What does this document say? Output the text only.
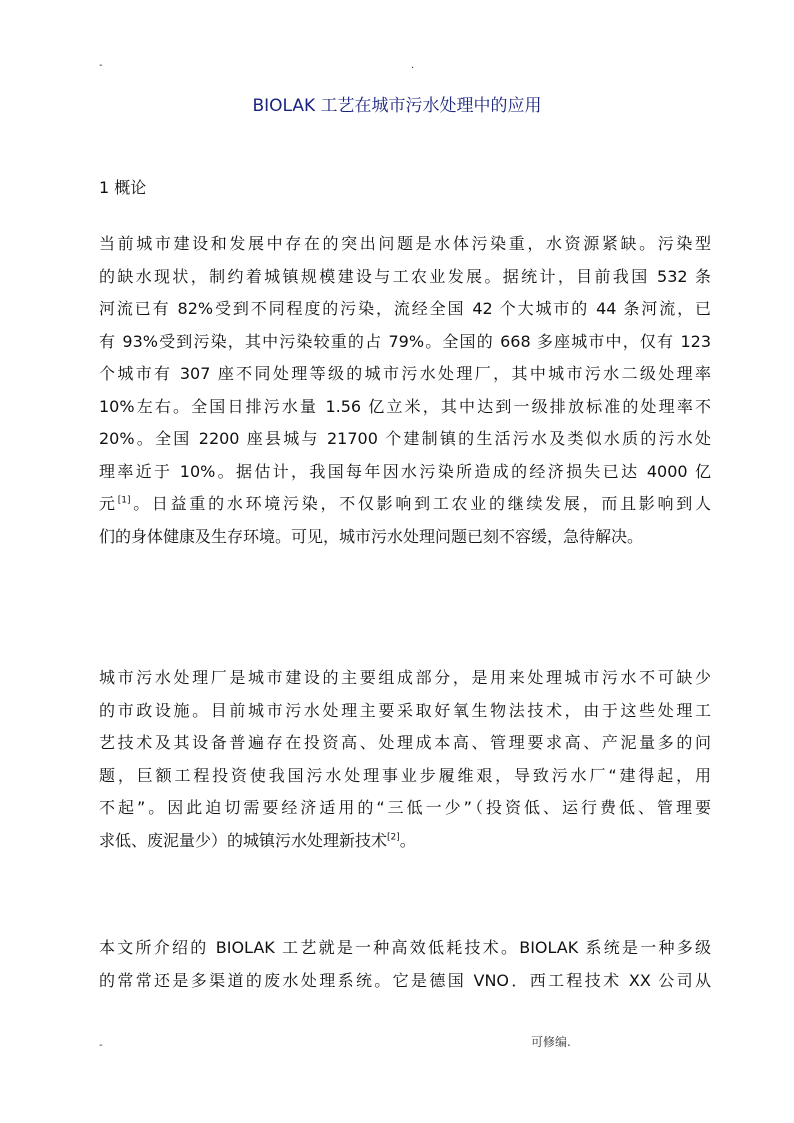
-	.
BIOLAK 工艺在城市污水处理中的应用
1 概论
当前城市建设和发展中存在的突出问题是水体污染重，水资源紧缺。污染型
的缺水现状，制约着城镇规模建设与工农业发展。据统计，目前我国 532 条
河流已有 82%受到不同程度的污染，流经全国 42 个大城市的 44 条河流，已
有 93%受到污染，其中污染较重的占 79%。全国的 668 多座城市中，仅有 123
个城市有 307 座不同处理等级的城市污水处理厂，其中城市污水二级处理率
10%左右。全国日排污水量 1.56 亿立米，其中达到一级排放标准的处理率不
20%。全国 2200 座县城与 21700 个建制镇的生活污水及类似水质的污水处
理率近于 10%。据估计，我国每年因水污染所造成的经济损失已达 4000 亿
元[1]。日益重的水环境污染，不仅影响到工农业的继续发展，而且影响到人
们的身体健康及生存环境。可见，城市污水处理问题已刻不容缓，急待解决。
城市污水处理厂是城市建设的主要组成部分，是用来处理城市污水不可缺少
的市政设施。目前城市污水处理主要采取好氧生物法技术，由于这些处理工
艺技术及其设备普遍存在投资高、处理成本高、管理要求高、产泥量多的问
题，巨额工程投资使我国污水处理事业步履维艰，导致污水厂“建得起，用
不起”。因此迫切需要经济适用的“三低一少”（投资低、运行费低、管理要
求低、废泥量少）的城镇污水处理新技术[2]。
本文所介绍的 BIOLAK 工艺就是一种高效低耗技术。BIOLAK 系统是一种多级
的常常还是多渠道的废水处理系统。它是德国 VNO．西工程技术 XX 公司从
-	可修编.
